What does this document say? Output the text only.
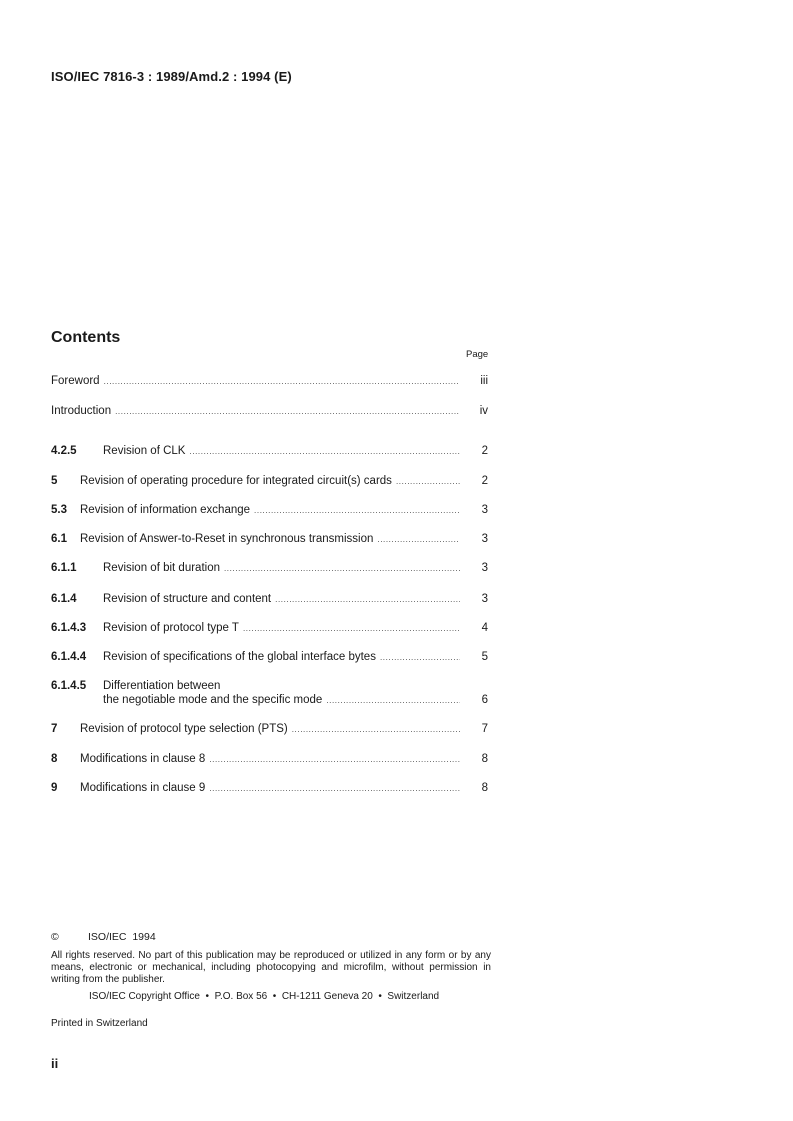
ISO/IEC 7816-3 : 1989/Amd.2 : 1994 (E)
Contents
Page
Foreword .....	iii
Introduction .....	iv
4.2.5	Revision of CLK .....	2
5	Revision of operating procedure for integrated circuit(s) cards .....	2
5.3	Revision of information exchange .....	3
6.1	Revision of Answer-to-Reset in synchronous transmission .....	3
6.1.1	Revision of bit duration .....	3
6.1.4	Revision of structure and content .....	3
6.1.4.3	Revision of protocol type T .....	4
6.1.4.4	Revision of specifications of the global interface bytes .....	5
6.1.4.5	Differentiation between
the negotiable mode and the specific mode .....	6
7	Revision of protocol type selection (PTS) .....	7
8	Modifications in clause 8 .....	8
9	Modifications in clause 9 .....	8
©	ISO/IEC  1994
All rights reserved. No part of this publication may be reproduced or utilized in any form or by any means, electronic or mechanical, including photocopying and microfilm, without permission in writing from the publisher.
ISO/IEC Copyright Office  •  P.O. Box 56  •  CH-1211 Geneva 20  •  Switzerland
Printed in Switzerland
ii
